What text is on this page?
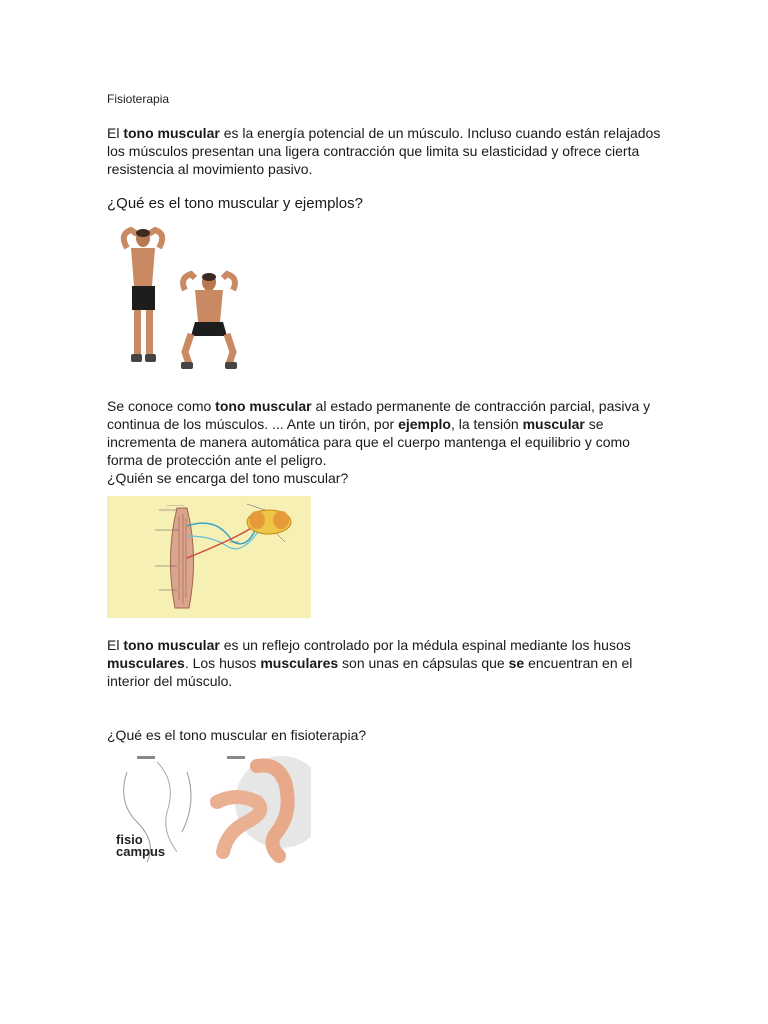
Fisioterapia

El tono muscular es la energía potencial de un músculo. Incluso cuando están relajados los músculos presentan una ligera contracción que limita su elasticidad y ofrece cierta resistencia al movimiento pasivo.

¿Qué es el tono muscular y ejemplos?

Se conoce como tono muscular al estado permanente de contracción parcial, pasiva y continua de los músculos. ... Ante un tirón, por ejemplo, la tensión muscular se incrementa de manera automática para que el cuerpo mantenga el equilibrio y como forma de protección ante el peligro.

¿Quién se encarga del tono muscular?
—————

El tono muscular es un reflejo controlado por la médula espinal mediante los husos musculares. Los husos musculares son unas en cápsulas que se encuentran en el interior del músculo.

¿Qué es el tono muscular en fisioterapia?
fisio campus
